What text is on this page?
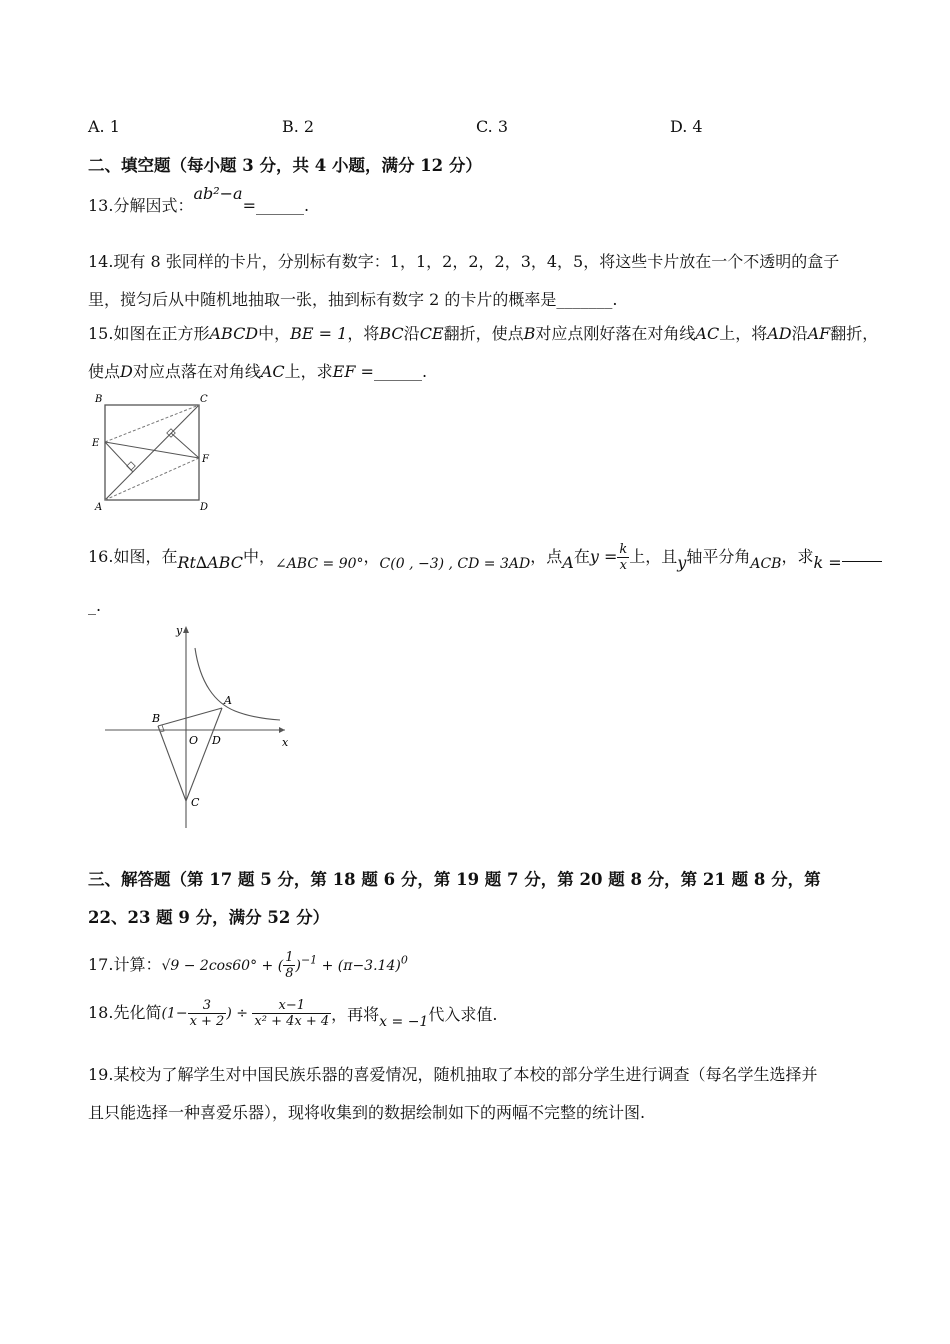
A. 1	B. 2	C. 3	D. 4
二、填空题（每小题 3 分，共 4 小题，满分 12 分）
13.分解因式：ab²−a=______.
14.现有 8 张同样的卡片，分别标有数字：1，1，2，2，2，3，4，5，将这些卡片放在一个不透明的盒子
里，搅匀后从中随机地抽取一张，抽到标有数字 2 的卡片的概率是_______.
15.如图在正方形ABCD中，BE = 1，将BC沿CE翻折，使点B对应点刚好落在对角线AC上，将AD沿AF翻折，
使点D对应点落在对角线AC上，求EF =______.
B	C
E
F
A	D
16.如图，在Rt∆ABC中，∠ABC = 90°，C(0 , −3) , CD = 3AD，点A在$y = \frac{k}{x}$ 上，且y轴平分角ACB，求k =
_.
y
x
A
B
O D
C
三、解答题（第 17 题 5 分，第 18 题 6 分，第 19 题 7 分，第 20 题 8 分，第 21 题 8 分，第
22、23 题 9 分，满分 52 分）
17.计算：√9 − 2cos60° + ( $\frac{1}{8} )^{-1} + (\pi-3.14)^0$
18.先化简($1- \frac{3}{x + 2}$ ) ÷ $\frac{x-1}{\text{x² + 4x + 4}}$ ，再将x = −1代入求值.
19.某校为了解学生对中国民族乐器的喜爱情况，随机抽取了本校的部分学生进行调查（每名学生选择并
且只能选择一种喜爱乐器），现将收集到的数据绘制如下的两幅不完整的统计图.
